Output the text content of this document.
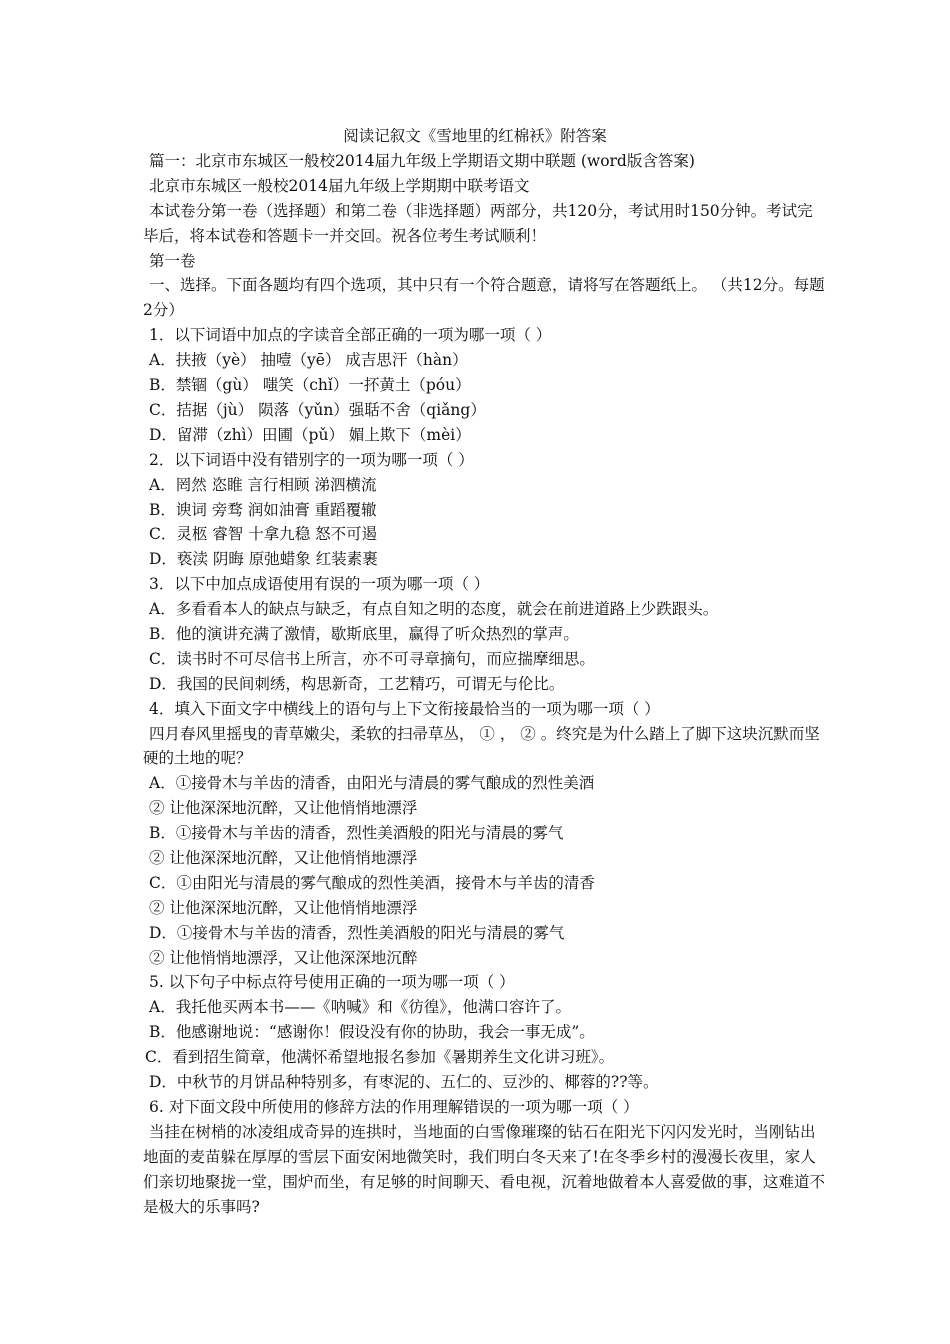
阅读记叙文《雪地里的红棉袄》附答案
篇一：北京市东城区一般校2014届九年级上学期语文期中联题 (word版含答案)
北京市东城区一般校2014届九年级上学期期中联考语文
本试卷分第一卷（选择题）和第二卷（非选择题）两部分，共120分，考试用时150分钟。考试完毕后，将本试卷和答题卡一并交回。祝各位考生考试顺利！
第一卷
一、选择。下面各题均有四个选项，其中只有一个符合题意，请将写在答题纸上。 （共12分。每题2分）
1．以下词语中加点的字读音全部正确的一项为哪一项（ ）
A．扶掖（yè） 抽噎（yē） 成吉思汗（hàn）
B．禁锢（gù） 嗤笑（chǐ）一抔黄土（póu）
C．拮据（jù） 陨落（yǔn）强聒不舍（qiǎng）
D．留滞（zhì）田圃（pǔ） 媚上欺下（mèi）
2．以下词语中没有错别字的一项为哪一项（ ）
A．罔然 恣睢 言行相顾 涕泗横流
B．谀词 旁骛 润如油膏 重蹈覆辙
C．灵柩 睿智 十拿九稳 怒不可遏
D．亵渎 阴晦 原弛蜡象 红装素裹
3．以下中加点成语使用有误的一项为哪一项（ ）
A．多看看本人的缺点与缺乏，有点自知之明的态度，就会在前进道路上少跌跟头。
B．他的演讲充满了激情，歇斯底里，赢得了听众热烈的掌声。
C．读书时不可尽信书上所言，亦不可寻章摘句，而应揣摩细思。
D．我国的民间刺绣，构思新奇，工艺精巧，可谓无与伦比。
4．填入下面文字中横线上的语句与上下文衔接最恰当的一项为哪一项（ ）
四月春风里摇曳的青草嫩尖，柔软的扫帚草丛， ① ， ② 。终究是为什么踏上了脚下这块沉默而坚硬的土地的呢？
A．①接骨木与羊齿的清香，由阳光与清晨的雾气酿成的烈性美酒
② 让他深深地沉醉，又让他悄悄地漂浮
B．①接骨木与羊齿的清香，烈性美酒般的阳光与清晨的雾气
② 让他深深地沉醉，又让他悄悄地漂浮
C．①由阳光与清晨的雾气酿成的烈性美酒，接骨木与羊齿的清香
② 让他深深地沉醉，又让他悄悄地漂浮
D．①接骨木与羊齿的清香，烈性美酒般的阳光与清晨的雾气
② 让他悄悄地漂浮，又让他深深地沉醉
5. 以下句子中标点符号使用正确的一项为哪一项（ ）
A．我托他买两本书——《呐喊》和《彷徨》，他满口容许了。
B．他感谢地说：“感谢你！假设没有你的协助，我会一事无成”。
C．看到招生简章，他满怀希望地报名参加《暑期养生文化讲习班》。
D．中秋节的月饼品种特别多，有枣泥的、五仁的、豆沙的、椰蓉的??等。
6. 对下面文段中所使用的修辞方法的作用理解错误的一项为哪一项（ ）
当挂在树梢的冰凌组成奇异的连拱时，当地面的白雪像璀璨的钻石在阳光下闪闪发光时，当刚钻出地面的麦苗躲在厚厚的雪层下面安闲地微笑时，我们明白冬天来了!在冬季乡村的漫漫长夜里，家人们亲切地聚拢一堂，围炉而坐，有足够的时间聊天、看电视，沉着地做着本人喜爱做的事，这难道不是极大的乐事吗?
